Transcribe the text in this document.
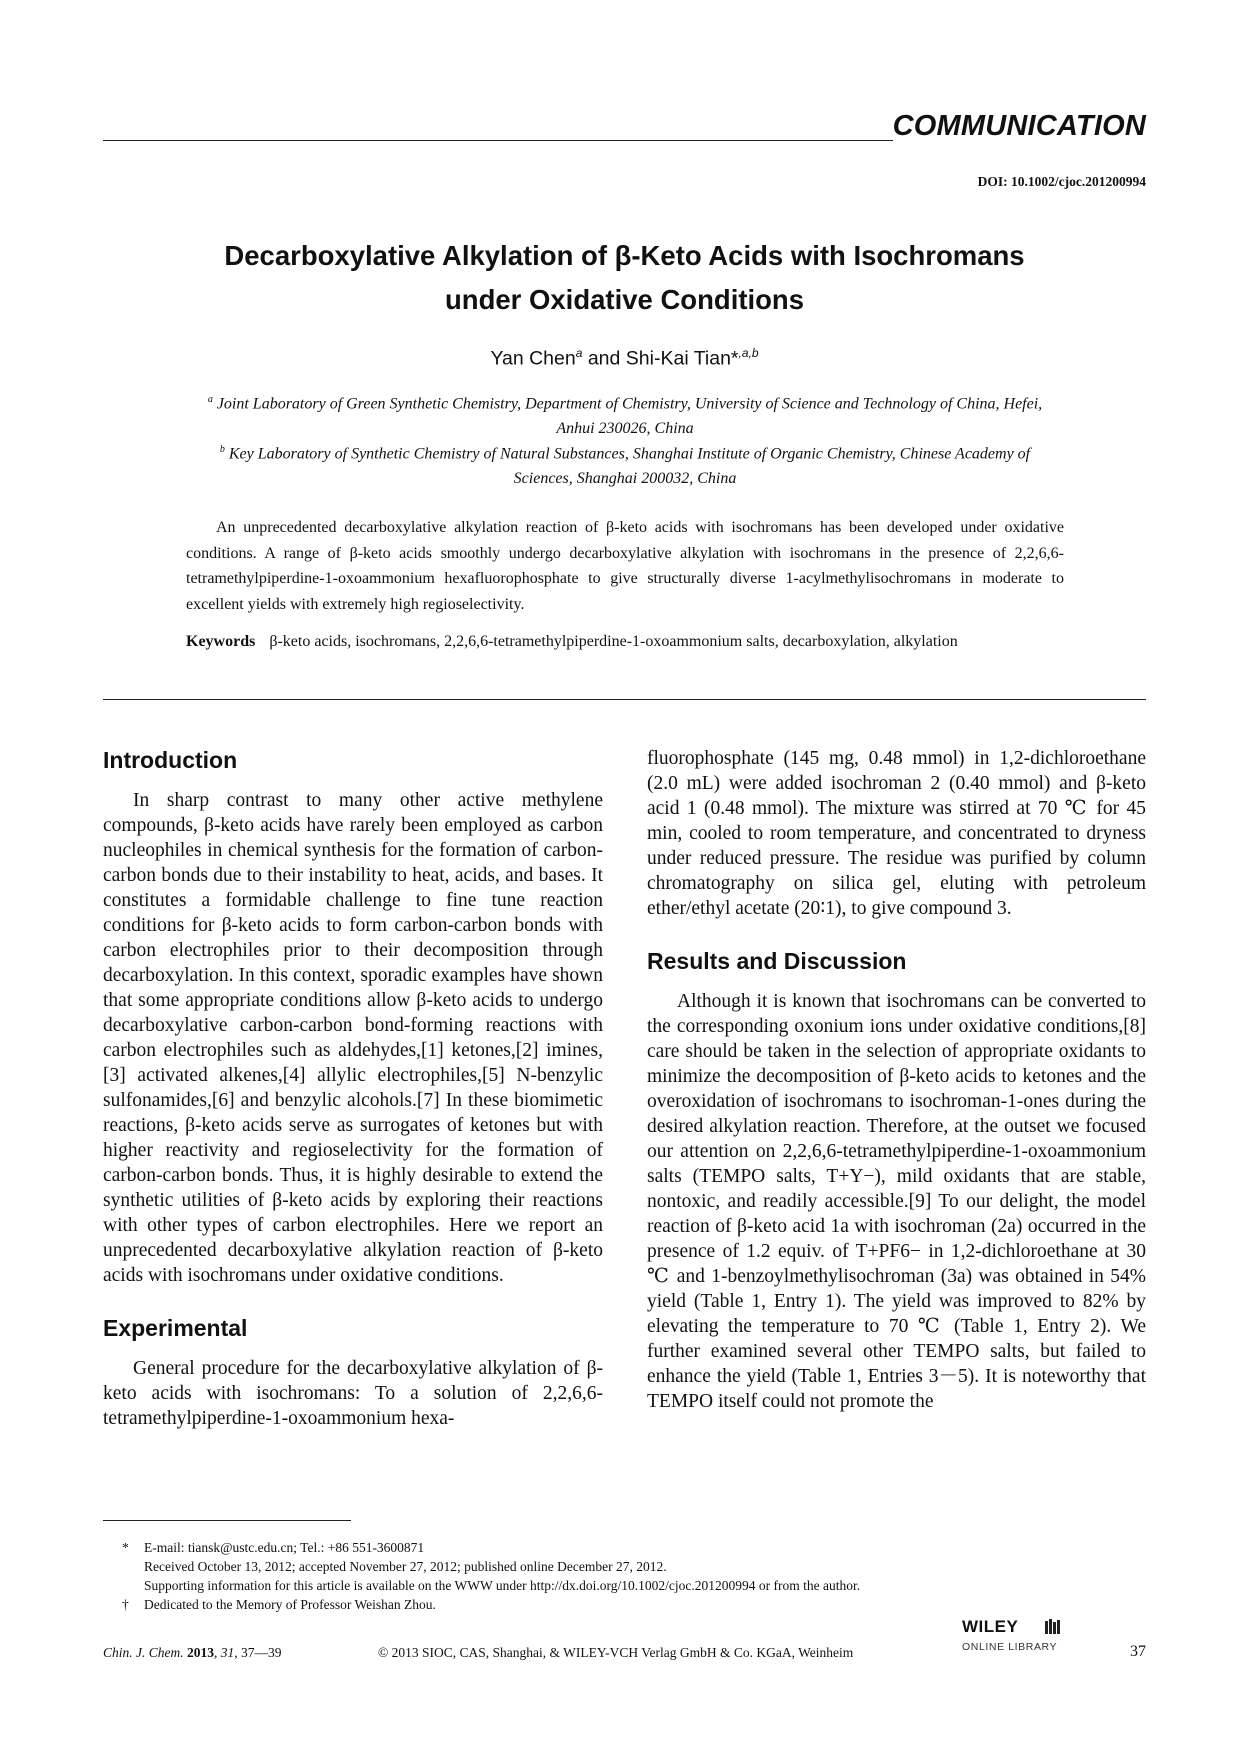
COMMUNICATION
DOI: 10.1002/cjoc.201200994
Decarboxylative Alkylation of β-Keto Acids with Isochromans
under Oxidative Conditions
Yan Chen$^a$ and Shi-Kai Tian*$^{,a,b}$
$^a$ Joint Laboratory of Green Synthetic Chemistry, Department of Chemistry, University of Science and Technology of China, Hefei, Anhui 230026, China
$^b$ Key Laboratory of Synthetic Chemistry of Natural Substances, Shanghai Institute of Organic Chemistry, Chinese Academy of Sciences, Shanghai 200032, China

An unprecedented decarboxylative alkylation reaction of β-keto acids with isochromans has been developed under oxidative conditions. A range of β-keto acids smoothly undergo decarboxylative alkylation with isochromans in the presence of 2,2,6,6-tetramethylpiperdine-1-oxoammonium hexafluorophosphate to give structurally diverse 1-acylmethylisochromans in moderate to excellent yields with extremely high regioselectivity.

Keywords β-keto acids, isochromans, 2,2,6,6-tetramethylpiperdine-1-oxoammonium salts, decarboxylation, alkylation

Introduction

In sharp contrast to many other active methylene compounds, β-keto acids have rarely been employed as carbon nucleophiles in chemical synthesis for the formation of carbon-carbon bonds due to their instability to heat, acids, and bases. It constitutes a formidable challenge to fine tune reaction conditions for β-keto acids to form carbon-carbon bonds with carbon electrophiles prior to their decomposition through decarboxylation. In this context, sporadic examples have shown that some appropriate conditions allow β-keto acids to undergo decarboxylative carbon-carbon bond-forming reactions with carbon electrophiles such as aldehydes,[1] ketones,[2] imines,[3] activated alkenes,[4] allylic electrophiles,[5] N-benzylic sulfonamides,[6] and benzylic alcohols.[7] In these biomimetic reactions, β-keto acids serve as surrogates of ketones but with higher reactivity and regioselectivity for the formation of carbon-carbon bonds. Thus, it is highly desirable to extend the synthetic utilities of β-keto acids by exploring their reactions with other types of carbon electrophiles. Here we report an unprecedented decarboxylative alkylation reaction of β-keto acids with isochromans under oxidative conditions.

Experimental

General procedure for the decarboxylative alkylation of β-keto acids with isochromans: To a solution of 2,2,6,6-tetramethylpiperdine-1-oxoammonium hexa-

fluorophosphate (145 mg, 0.48 mmol) in 1,2-dichloroethane (2.0 mL) were added isochroman 2 (0.40 mmol) and β-keto acid 1 (0.48 mmol). The mixture was stirred at 70 ℃ for 45 min, cooled to room temperature, and concentrated to dryness under reduced pressure. The residue was purified by column chromatography on silica gel, eluting with petroleum ether/ethyl acetate (20∶1), to give compound 3.

Results and Discussion

Although it is known that isochromans can be converted to the corresponding oxonium ions under oxidative conditions,[8] care should be taken in the selection of appropriate oxidants to minimize the decomposition of β-keto acids to ketones and the overoxidation of isochromans to isochroman-1-ones during the desired alkylation reaction. Therefore, at the outset we focused our attention on 2,2,6,6-tetramethylpiperdine-1-oxoammonium salts (TEMPO salts, T+Y−), mild oxidants that are stable, nontoxic, and readily accessible.[9] To our delight, the model reaction of β-keto acid 1a with isochroman (2a) occurred in the presence of 1.2 equiv. of T+PF6− in 1,2-dichloroethane at 30 ℃ and 1-benzoylmethylisochroman (3a) was obtained in 54% yield (Table 1, Entry 1). The yield was improved to 82% by elevating the temperature to 70 ℃ (Table 1, Entry 2). We further examined several other TEMPO salts, but failed to enhance the yield (Table 1, Entries 3－5). It is noteworthy that TEMPO itself could not promote the

* E-mail: tiansk@ustc.edu.cn; Tel.: +86 551-3600871
Received October 13, 2012; accepted November 27, 2012; published online December 27, 2012.
Supporting information for this article is available on the WWW under http://dx.doi.org/10.1002/cjoc.201200994 or from the author.
† Dedicated to the Memory of Professor Weishan Zhou.
Chin. J. Chem. 2013, 31, 37—39	© 2013 SIOC, CAS, Shanghai, & WILEY-VCH Verlag GmbH & Co. KGaA, Weinheim
WILEY
ONLINE LIBRARY	37
